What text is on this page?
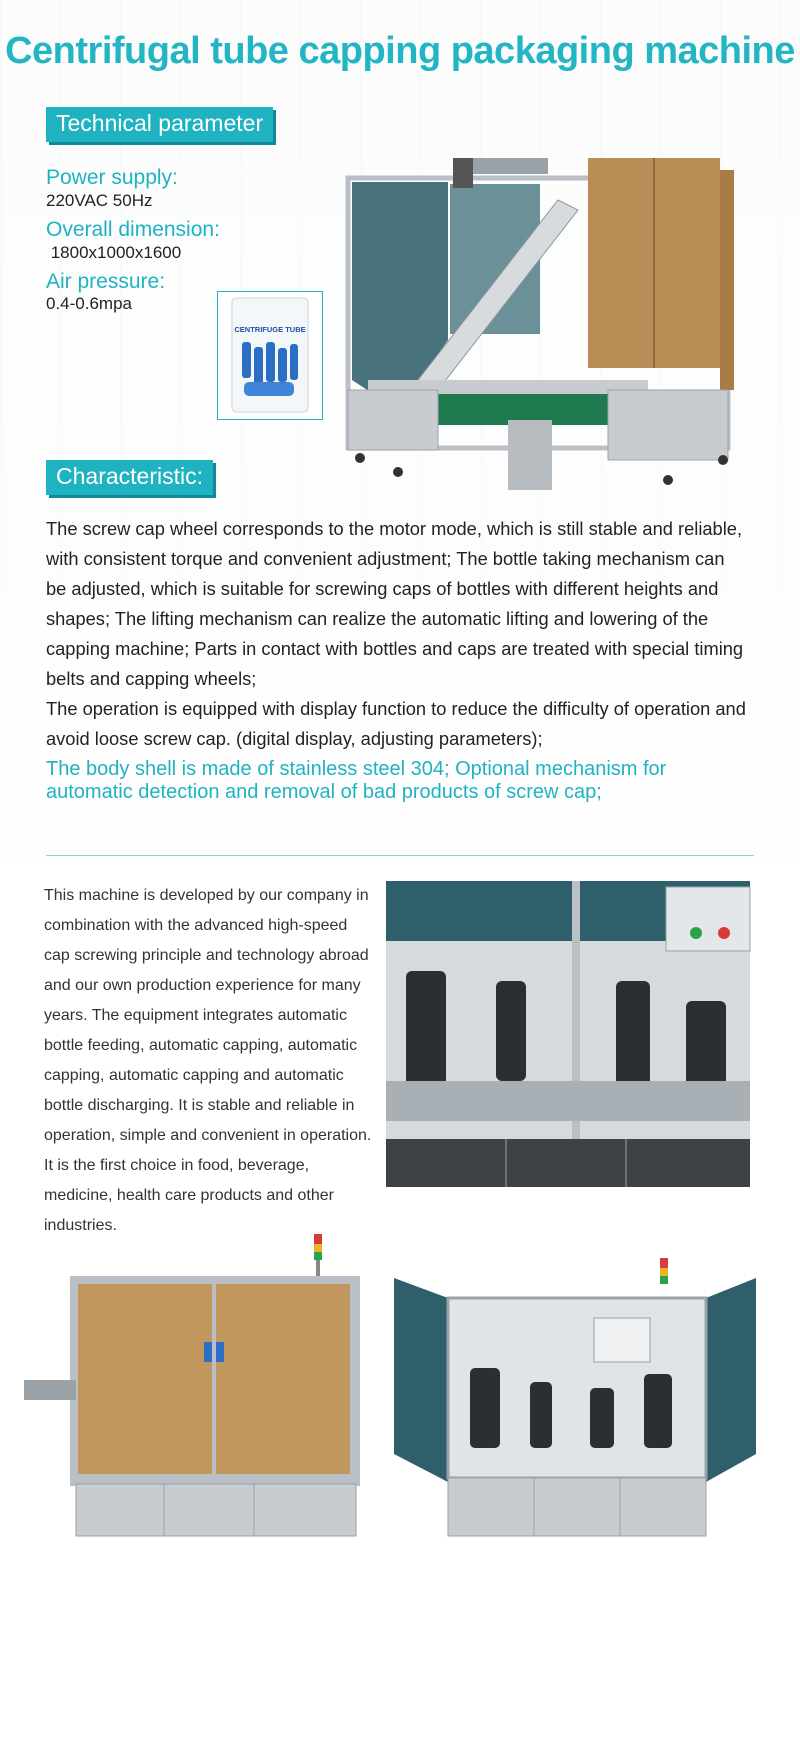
Centrifugal tube capping packaging machine
Technical parameter
Power supply:
220VAC 50Hz
Overall dimension:
1800x1000x1600
Air pressure:
0.4-0.6mpa
CENTRIFUGE TUBE
Characteristic:

The screw cap wheel corresponds to the motor mode, which is still stable and reliable, with consistent torque and convenient adjustment; The bottle taking mechanism can be adjusted, which is suitable for screwing caps of bottles with different heights and shapes; The lifting mechanism can realize the automatic lifting and lowering of the capping machine; Parts in contact with bottles and caps are treated with special timing belts and capping wheels;

The operation is equipped with display function to reduce the difficulty of operation and avoid loose screw cap. (digital display, adjusting parameters);

The body shell is made of stainless steel 304; Optional mechanism for automatic detection and removal of bad products of screw cap;
This machine is developed by our company in combination with the advanced high-speed cap screwing principle and technology abroad and our own production experience for many years. The equipment integrates automatic bottle feeding, automatic capping, automatic capping, automatic capping and automatic bottle discharging. It is stable and reliable in operation, simple and convenient in operation. It is the first choice in food, beverage, medicine, health care products and other industries.
